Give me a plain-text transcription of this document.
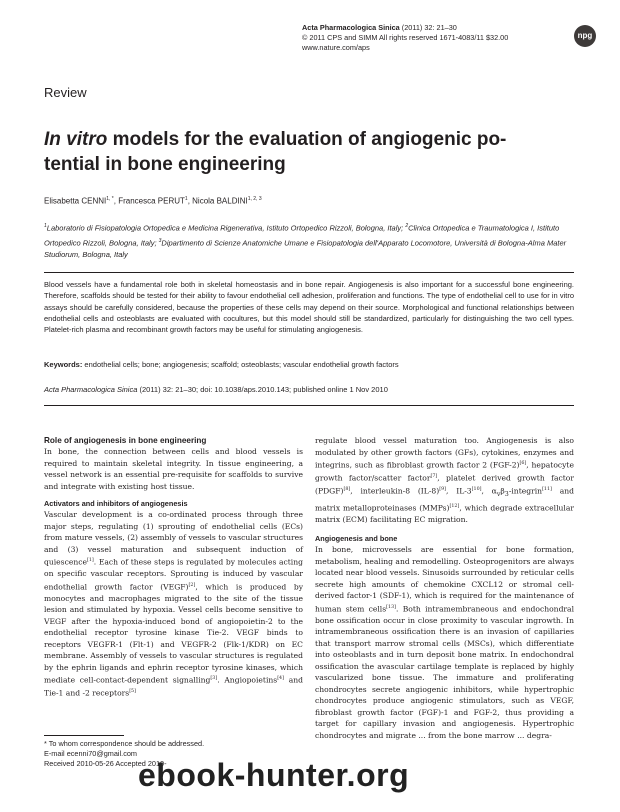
Acta Pharmacologica Sinica (2011) 32: 21–30
© 2011 CPS and SIMM All rights reserved 1671-4083/11 $32.00
www.nature.com/aps
npg
Review
In vitro models for the evaluation of angiogenic po-
tential in bone engineering
Elisabetta $CENNI^{1, *}$, Francesca PERUT$^1$, Nicola BALDINI$^{1, 2, 3}$
$^1$Laboratorio di Fisiopatologia Ortopedica e Medicina Rigenerativa, Istituto Ortopedico Rizzoli, Bologna, Italy; $^2$Clinica Ortopedica e Traumatologica I, Istituto Ortopedico Rizzoli, Bologna, Italy; $^3$Dipartimento di Scienze Anatomiche Umane e Fisiopatologia dell'Apparato Locomotore, Università di Bologna-Alma Mater Studiorum, Bologna, Italy
Blood vessels have a fundamental role both in skeletal homeostasis and in bone repair. Angiogenesis is also important for a successful bone engineering. Therefore, scaffolds should be tested for their ability to favour endothelial cell adhesion, proliferation and functions. The type of endothelial cell to use for in vitro assays should be carefully considered, because the properties of these cells may depend on their source. Morphological and functional relationships between endothelial cells and osteoblasts are evaluated with cocultures, but this model should still be standardized, particularly for distinguishing the two cell types. Platelet-rich plasma and recombinant growth factors may be useful for stimulating angiogenesis.
Keywords: endothelial cells; bone; angiogenesis; scaffold; osteoblasts; vascular endothelial growth factors
Acta Pharmacologica Sinica (2011) 32: 21–30; doi: 10.1038/aps.2010.143; published online 1 Nov 2010
Role of angiogenesis in bone engineering

In bone, the connection between cells and blood vessels is required to maintain skeletal integrity. In tissue engineering, a vessel network is an essential pre-requisite for scaffolds to survive and integrate with existing host tissue.

Activators and inhibitors of angiogenesis

Vascular development is a co-ordinated process through three major steps, regulating (1) sprouting of endothelial cells (ECs) from mature vessels, (2) assembly of vessels to vascular structures and (3) vessel maturation and subsequent induction of quiescence[1]. Each of these steps is regulated by molecules acting on specific vascular receptors. Sprouting is induced by vascular endothelial growth factor (VEGF)[2], which is produced by monocytes and macrophages migrated to the site of the tissue lesion and stimulated by hypoxia. Vessel cells become sensitive to VEGF after the hypoxia-induced bond of angiopoietin-2 to the endothelial receptor tyrosine kinase Tie-2. VEGF binds to receptors VEGFR-1 (Flt-1) and VEGFR-2 (Flk-1/KDR) on EC membrane. Assembly of vessels to vascular structures is regulated by the ephrin ligands and ephrin receptor tyrosine kinases, which mediate cell-contact-dependent signalling[3]. Angiopoietins[4] and Tie-1 and -2 receptors[5]

regulate blood vessel maturation too. Angiogenesis is also modulated by other growth factors (GFs), cytokines, enzymes and integrins, such as fibroblast growth factor 2 (FGF-2)[6], hepatocyte growth factor/scatter factor[7], platelet derived growth factor (PDGF)[8], interleukin-8 (IL-8)[9], IL-3[10], $\alpha_v\beta_3-integrin[11]$ and matrix metalloproteinases (MMPs)[12], which degrade extracellular matrix (ECM) facilitating EC migration.

Angiogenesis and bone

In bone, microvessels are essential for bone formation, metabolism, healing and remodelling. Osteoprogenitors are always located near blood vessels. Sinusoids surrounded by reticular cells secrete high amounts of chemokine CXCL12 or stromal cell-derived factor-1 (SDF-1), which is required for the maintenance of human stem cells[13]. Both intramembraneous and endochondral bone ossification occur in close proximity to vascular ingrowth. In intramembraneous ossification there is an invasion of capillaries that transport marrow stromal cells (MSCs), which differentiate into osteoblasts and in turn deposit bone matrix. In endochondral ossification the avascular cartilage template is replaced by highly vascularized bone tissue. The immature and proliferating chondrocytes secrete angiogenic inhibitors, while hypertrophic chondrocytes produce angiogenic stimulators, such as VEGF, fibroblast growth factor (FGF)-1 and FGF-2, thus providing a target for capillary invasion and angiogenesis. Hypertrophic chondrocytes and migrate ... from the bone marrow ... degra-

* To whom correspondence should be addressed.
E-mail ecenni70@gmail.com
Received 2010-05-26 Accepted 2010-
ebook-hunter.org
